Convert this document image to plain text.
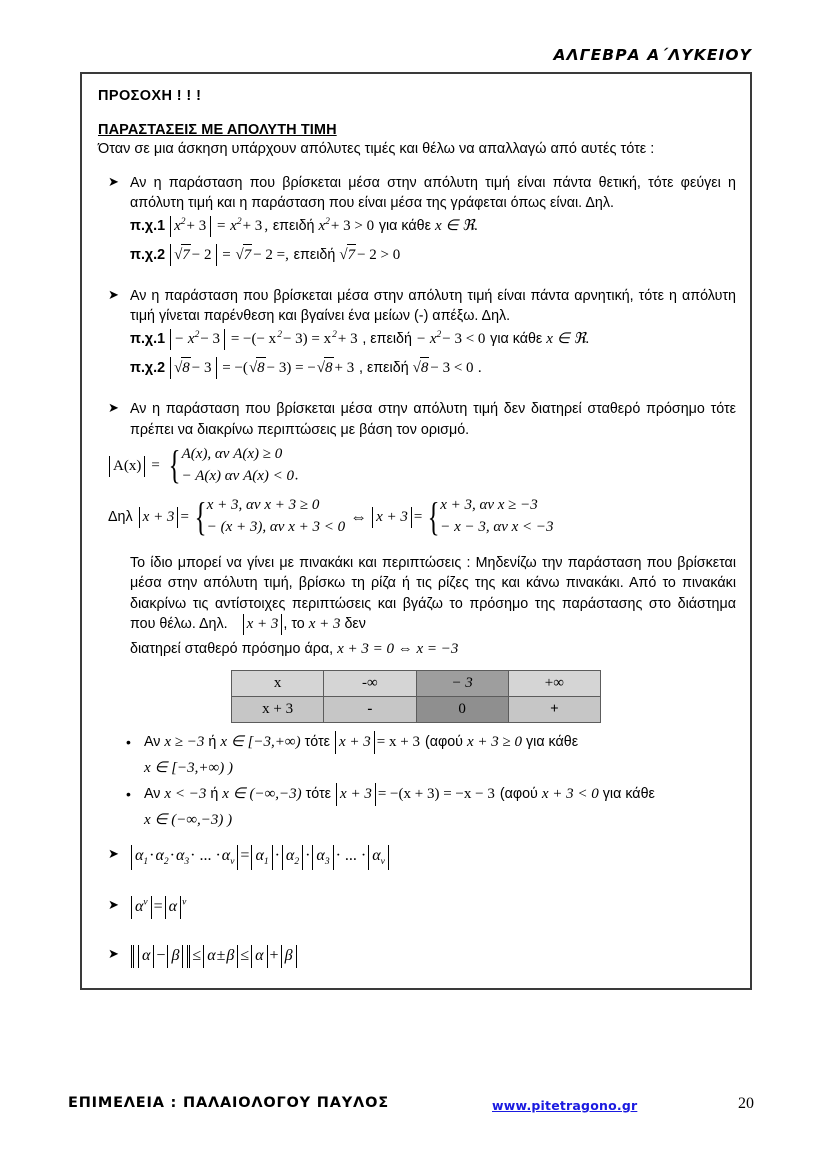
ΑΛΓΕΒΡΑ Α΄ΛΥΚΕΙΟΥ
ΠΡΟΣΟΧΗ ! ! !
ΠΑΡΑΣΤΑΣΕΙΣ ΜΕ ΑΠΟΛΥΤΗ ΤΙΜΗ
Όταν σε μια άσκηση υπάρχουν απόλυτες τιμές και θέλω να απαλλαγώ από αυτές τότε :
➤ Αν η παράσταση που βρίσκεται μέσα στην απόλυτη τιμή είναι πάντα θετική, τότε φεύγει η απόλυτη τιμή και η παράσταση που είναι μέσα της γράφεται όπως είναι. Δηλ.

π.χ.1 $x^2+ 3 = x^2+ 3$ , επειδή $x^2+ 3 > 0$ για κάθε x ∈ ℜ.
π.χ.2 √7 − 2 = √7 − 2 =, επειδή √7 − 2 > 0
➤ Αν η παράσταση που βρίσκεται μέσα στην απόλυτη τιμή είναι πάντα αρνητική, τότε η απόλυτη τιμή γίνεται παρένθεση και βγαίνει ένα μείων (-) απέξω. Δηλ.

$\pi.\chi.1 - x^2- 3$ = −(− $x^2- 3) = x^2+ 3$ , $\varepsilon\pi\varepsilon\iota\delta ή - x^2- 3 < 0$ για κάθε x ∈ ℜ.
π.χ.2 √8 − 3 = −(√8 − 3) = −√8 + 3 , επειδή √8 − 3 < 0 .
➤ Αν η παράσταση που βρίσκεται μέσα στην απόλυτη τιμή δεν διατηρεί σταθερό πρόσημο τότε πρέπει να διακρίνω περιπτώσεις με βάση τον ορισμό.

A(x) = { A(x), αν A(x) ≥ 0
− A(x) αν A(x) < 0 .
Δηλ x + 3 = { x + 3, αν x + 3 ≥ 0
− (x + 3), αν x + 3 < 0
⇔ x + 3 = { x + 3, αν x ≥ −3
− x − 3, αν x < −3
Το ίδιο μπορεί να γίνει με πινακάκι και περιπτώσεις : Μηδενίζω την παράσταση που βρίσκεται μέσα στην απόλυτη τιμή, βρίσκω τη ρίζα ή τις ρίζες της και κάνω πινακάκι. Από το πινακάκι διακρίνω τις αντίστοιχες περιπτώσεις και βγάζω το πρόσημο της παράστασης στο διάστημα που θέλω. Δηλ. x + 3 , το x + 3 δεν
διατηρεί σταθερό πρόσημο άρα, x + 3 = 0 ⇔ x = −3
x	-∞	− 3	+∞
x + 3	-	0	+
• Αν x ≥ −3 ή x ∈ [−3,+∞) τότε x + 3 = x + 3 (αφού x + 3 ≥ 0 για κάθε
x ∈ [−3,+∞) )
• Αν x < −3 ή x ∈ (−∞,−3) τότε x + 3 = −(x + 3) = −x − 3 (αφού x + 3 < 0 για κάθε
x ∈ (−∞,−3) )
➤ $\alpha_1\cdot\alpha_2\cdot\alpha_3\cdot$ ... $\cdot\alpha_\nu = \alpha_1 \cdot \alpha_2 \cdot \alpha_3$ · ... · $\alpha_\nu$
➤ $\alpha^\nu = \alpha$ $^\nu$
➤ α − β ≤ α±β ≤ α + β
ΕΠΙΜΕΛΕΙΑ : ΠΑΛΑΙΟΛΟΓΟΥ ΠΑΥΛΟΣ	www.pitetragono.gr	20
